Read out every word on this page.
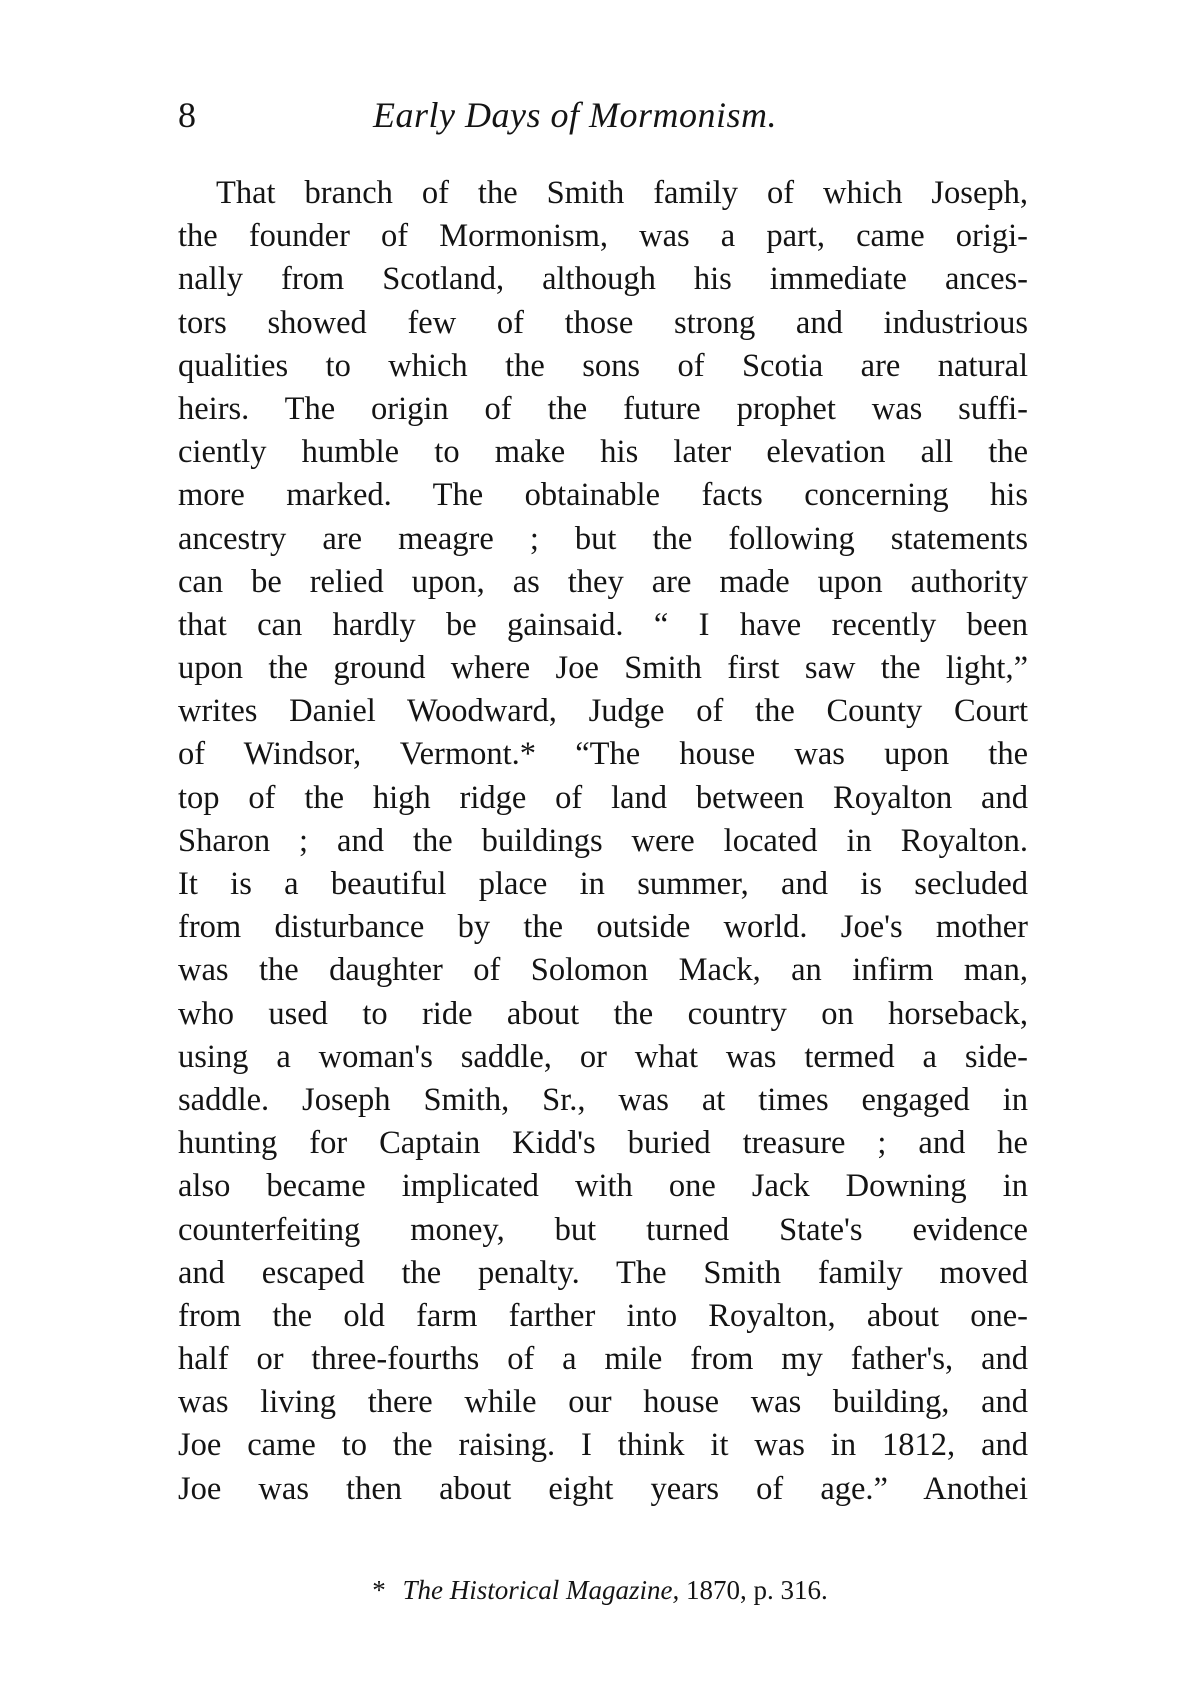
8	Early Days of Mormonism.
That branch of the Smith family of which Joseph,
the founder of Mormonism, was a part, came origi-
nally from Scotland, although his immediate ances-
tors showed few of those strong and industrious
qualities to which the sons of Scotia are natural
heirs. The origin of the future prophet was suffi-
ciently humble to make his later elevation all the
more marked. The obtainable facts concerning his
ancestry are meagre ; but the following statements
can be relied upon, as they are made upon authority
that can hardly be gainsaid. “ I have recently been
upon the ground where Joe Smith first saw the light,”
writes Daniel Woodward, Judge of the County Court
of Windsor, Vermont.* “The house was upon the
top of the high ridge of land between Royalton and
Sharon ; and the buildings were located in Royalton.
It is a beautiful place in summer, and is secluded
from disturbance by the outside world. Joe's mother
was the daughter of Solomon Mack, an infirm man,
who used to ride about the country on horseback,
using a woman's saddle, or what was termed a side-
saddle. Joseph Smith, Sr., was at times engaged in
hunting for Captain Kidd's buried treasure ; and he
also became implicated with one Jack Downing in
counterfeiting money, but turned State's evidence
and escaped the penalty. The Smith family moved
from the old farm farther into Royalton, about one-
half or three-fourths of a mile from my father's, and
was living there while our house was building, and
Joe came to the raising. I think it was in 1812, and
Joe was then about eight years of age.” Anothei
* The Historical Magazine, 1870, p. 316.
